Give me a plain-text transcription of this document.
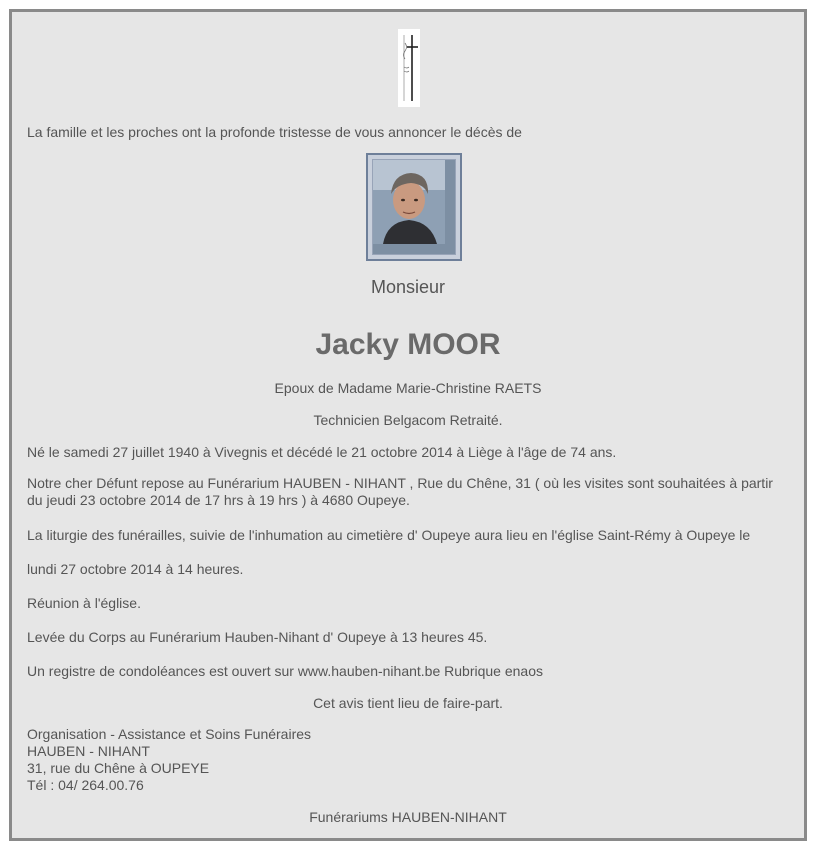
La famille et les proches ont la profonde tristesse de vous annoncer le décès de
Monsieur
Jacky MOOR
Epoux de Madame Marie-Christine RAETS
Technicien Belgacom Retraité.
Né le samedi 27 juillet 1940 à Vivegnis et décédé le 21 octobre 2014 à Liège à l'âge de 74 ans.
Notre cher Défunt repose au Funérarium HAUBEN - NIHANT , Rue du Chêne, 31 ( où les visites sont souhaitées à partir du jeudi 23 octobre 2014 de 17 hrs à 19 hrs ) à 4680 Oupeye.
La liturgie des funérailles, suivie de l'inhumation au cimetière d' Oupeye aura lieu en l'église Saint-Rémy à Oupeye le
lundi 27 octobre 2014 à 14 heures.
Réunion à l'église.
Levée du Corps au Funérarium Hauben-Nihant d' Oupeye à 13 heures 45.
Un registre de condoléances est ouvert sur www.hauben-nihant.be Rubrique enaos
Cet avis tient lieu de faire-part.
Organisation - Assistance et Soins Funéraires
HAUBEN - NIHANT
31, rue du Chêne à OUPEYE
Tél : 04/ 264.00.76
Funérariums HAUBEN-NIHANT
